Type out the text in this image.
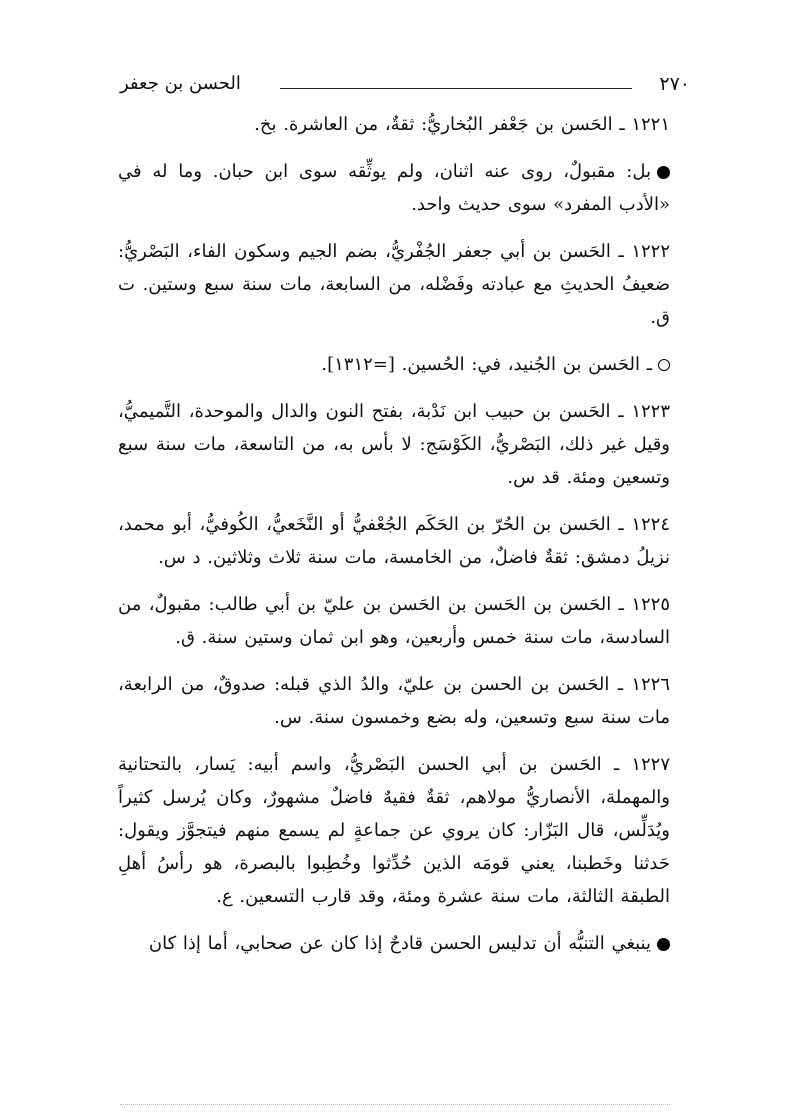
٢٧٠
الحسن بن جعفر

١٢٢١ ـ الحَسن بن جَعْفر البُخاريُّ: ثقةٌ، من العاشرة. بخ.

بل: مقبولٌ، روى عنه اثنان، ولم يوثِّقه سوى ابن حبان. وما له في «الأدب المفرد» سوى حديث واحد.

١٢٢٢ ـ الحَسن بن أبي جعفر الجُفْريُّ، بضم الجيم وسكون الفاء، البَصْريُّ: ضعيفُ الحديثِ مع عبادته وفَضْله، من السابعة، مات سنة سبع وستين. ت ق.

ـ الحَسن بن الجُنيد، في: الحُسين. [=١٣١٢].

١٢٢٣ ـ الحَسن بن حبيب ابن نَدْبة، بفتح النون والدال والموحدة، التَّميميُّ، وقيل غير ذلك، البَصْريُّ، الكَوْسَج: لا بأس به، من التاسعة، مات سنة سبع وتسعين ومئة. قد س.

١٢٢٤ ـ الحَسن بن الحُرّ بن الحَكَم الجُعْفيُّ أو النَّخَعيُّ، الكُوفيُّ، أبو محمد، نزيلُ دمشق: ثقةٌ فاضلٌ، من الخامسة، مات سنة ثلاث وثلاثين. د س.

١٢٢٥ ـ الحَسن بن الحَسن بن الحَسن بن عليّ بن أبي طالب: مقبولٌ، من السادسة، مات سنة خمس وأربعين، وهو ابن ثمان وستين سنة. ق.

١٢٢٦ ـ الحَسن بن الحسن بن عليّ، والدُ الذي قبله: صدوقٌ، من الرابعة، مات سنة سبع وتسعين، وله بضع وخمسون سنة. س.

١٢٢٧ ـ الحَسن بن أبي الحسن البَصْريُّ، واسم أبيه: يَسار، بالتحتانية والمهملة، الأنصاريُّ مولاهم، ثقةٌ فقيهٌ فاضلٌ مشهورٌ، وكان يُرسل كثيراً ويُدَلِّس، قال البَزّار: كان يروي عن جماعةٍ لم يسمع منهم فيتجوَّز ويقول: حَدثنا وخَطبنا، يعني قومَه الذين حُدِّثوا وخُطِبوا بالبصرة، هو رأسُ أهلِ الطبقة الثالثة، مات سنة عشرة ومئة، وقد قارب التسعين. ع.

ينبغي التنبُّه أن تدليس الحسن قادحٌ إذا كان عن صحابي، أما إذا كان
